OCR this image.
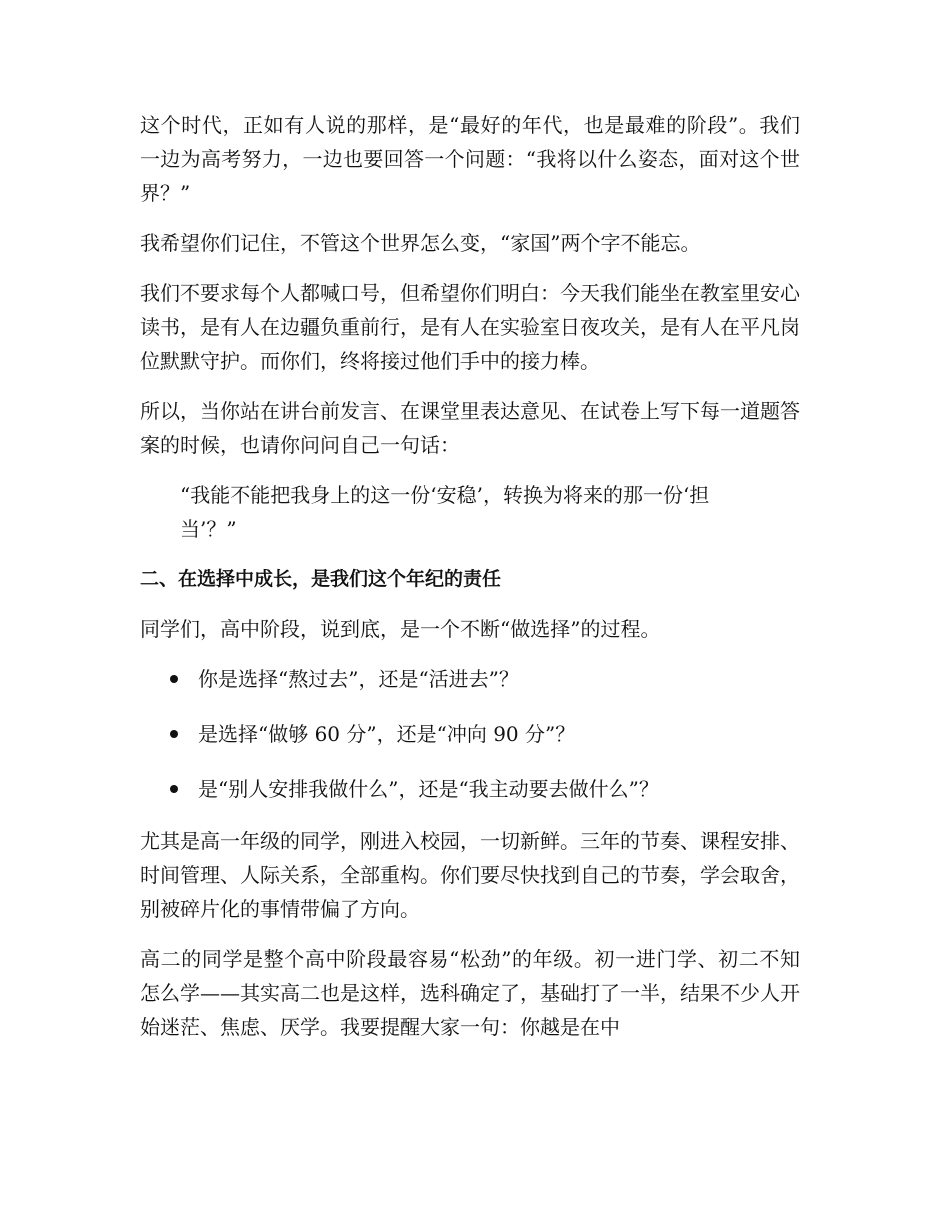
这个时代，正如有人说的那样，是“最好的年代，也是最难的阶段”。我们一边为高考努力，一边也要回答一个问题：“我将以什么姿态，面对这个世界？”

我希望你们记住，不管这个世界怎么变，“家国”两个字不能忘。

我们不要求每个人都喊口号，但希望你们明白：今天我们能坐在教室里安心读书，是有人在边疆负重前行，是有人在实验室日夜攻关，是有人在平凡岗位默默守护。而你们，终将接过他们手中的接力棒。

所以，当你站在讲台前发言、在课堂里表达意见、在试卷上写下每一道题答案的时候，也请你问问自己一句话：

“我能不能把我身上的这一份‘安稳’，转换为将来的那一份‘担当’？”

二、在选择中成长，是我们这个年纪的责任

同学们，高中阶段，说到底，是一个不断“做选择”的过程。

你是选择“熬过去”，还是“活进去”？
是选择“做够 60 分”，还是“冲向 90 分”？
是“别人安排我做什么”，还是“我主动要去做什么”？

尤其是高一年级的同学，刚进入校园，一切新鲜。三年的节奏、课程安排、时间管理、人际关系，全部重构。你们要尽快找到自己的节奏，学会取舍，别被碎片化的事情带偏了方向。

高二的同学是整个高中阶段最容易“松劲”的年级。初一进门学、初二不知怎么学——其实高二也是这样，选科确定了，基础打了一半，结果不少人开始迷茫、焦虑、厌学。我要提醒大家一句：你越是在中
